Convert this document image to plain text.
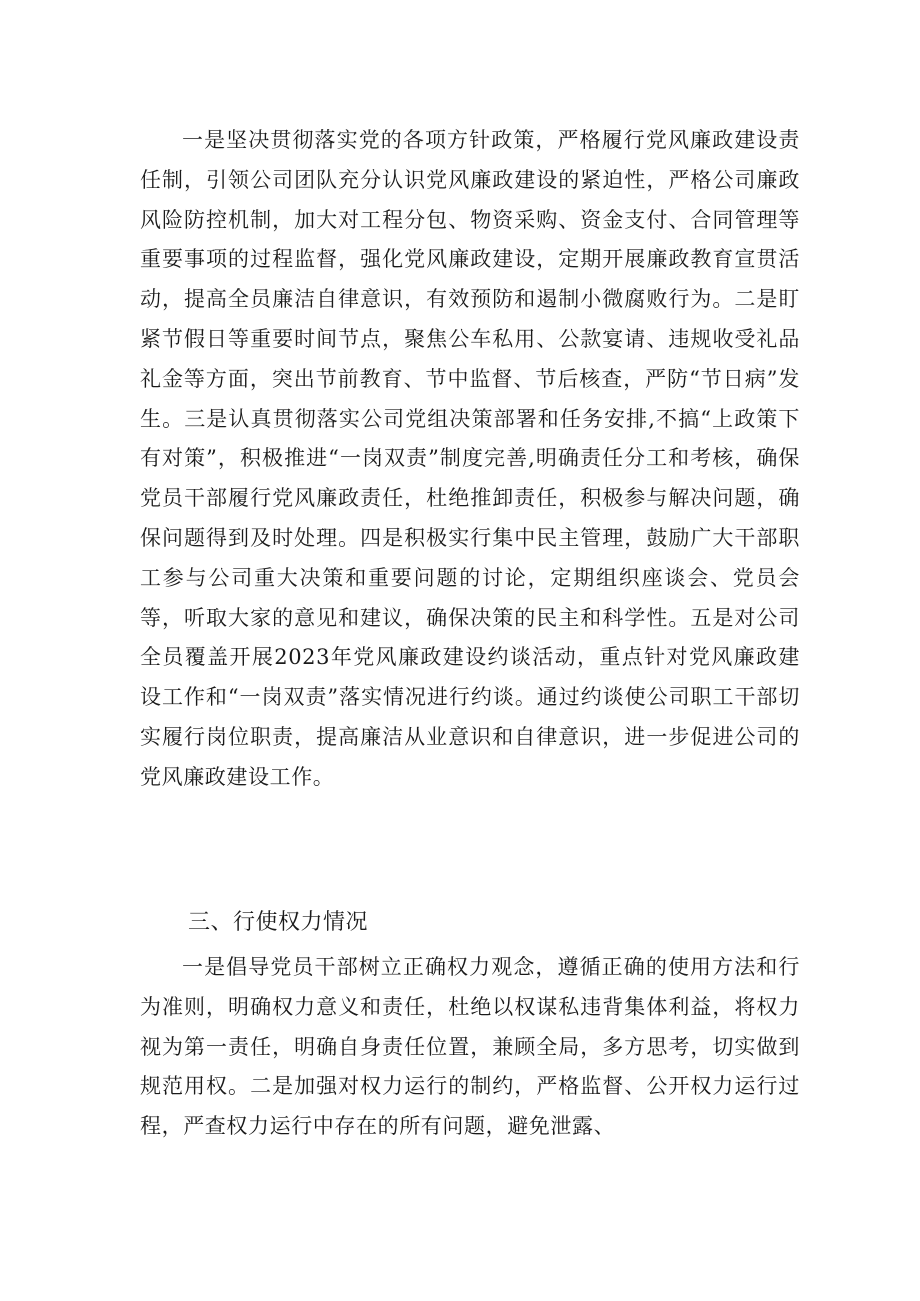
一是坚决贯彻落实党的各项方针政策，严格履行党风廉政建设责任制，引领公司团队充分认识党风廉政建设的紧迫性，严格公司廉政风险防控机制，加大对工程分包、物资采购、资金支付、合同管理等重要事项的过程监督，强化党风廉政建设，定期开展廉政教育宣贯活动，提高全员廉洁自律意识，有效预防和遏制小微腐败行为。二是盯紧节假日等重要时间节点，聚焦公车私用、公款宴请、违规收受礼品礼金等方面，突出节前教育、节中监督、节后核查，严防“节日病”发生。三是认真贯彻落实公司党组决策部署和任务安排,不搞“上政策下有对策”，积极推进“一岗双责”制度完善,明确责任分工和考核，确保党员干部履行党风廉政责任，杜绝推卸责任，积极参与解决问题，确保问题得到及时处理。四是积极实行集中民主管理，鼓励广大干部职工参与公司重大决策和重要问题的讨论，定期组织座谈会、党员会等，听取大家的意见和建议，确保决策的民主和科学性。五是对公司全员覆盖开展2023年党风廉政建设约谈活动，重点针对党风廉政建设工作和“一岗双责”落实情况进行约谈。通过约谈使公司职工干部切实履行岗位职责，提高廉洁从业意识和自律意识，进一步促进公司的党风廉政建设工作。

三、行使权力情况

一是倡导党员干部树立正确权力观念，遵循正确的使用方法和行为准则，明确权力意义和责任，杜绝以权谋私违背集体利益，将权力视为第一责任，明确自身责任位置，兼顾全局，多方思考，切实做到规范用权。二是加强对权力运行的制约，严格监督、公开权力运行过程，严查权力运行中存在的所有问题，避免泄露、
